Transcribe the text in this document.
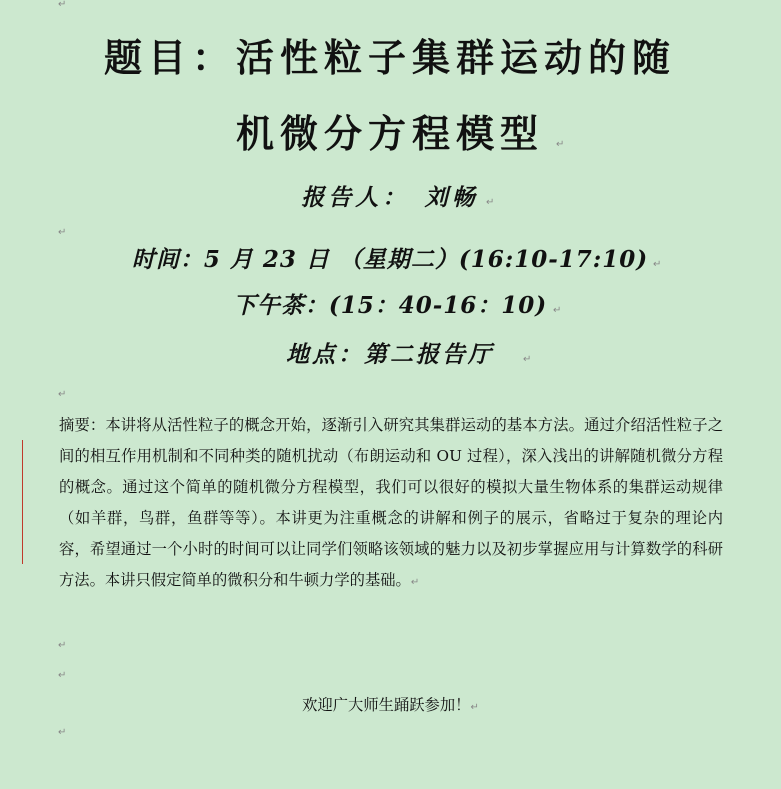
↵
题目：活性粒子集群运动的随
机微分方程模型	↵
报告人：　刘畅 ↵
↵
时间：5 月 23 日 （星期二）(16:10-17:10) ↵
下午茶：(15：40-16：10) ↵
地点：第二报告厅	↵
↵
摘要：本讲将从活性粒子的概念开始，逐渐引入研究其集群运动的基本方法。通过介绍活性粒子之间的相互作用机制和不同种类的随机扰动（布朗运动和 OU 过程），深入浅出的讲解随机微分方程的概念。通过这个简单的随机微分方程模型，我们可以很好的模拟大量生物体系的集群运动规律（如羊群，鸟群，鱼群等等）。本讲更为注重概念的讲解和例子的展示，省略过于复杂的理论内容，希望通过一个小时的时间可以让同学们领略该领域的魅力以及初步掌握应用与计算数学的科研方法。本讲只假定简单的微积分和牛顿力学的基础。↵
↵
↵
欢迎广大师生踊跃参加！↵
↵
